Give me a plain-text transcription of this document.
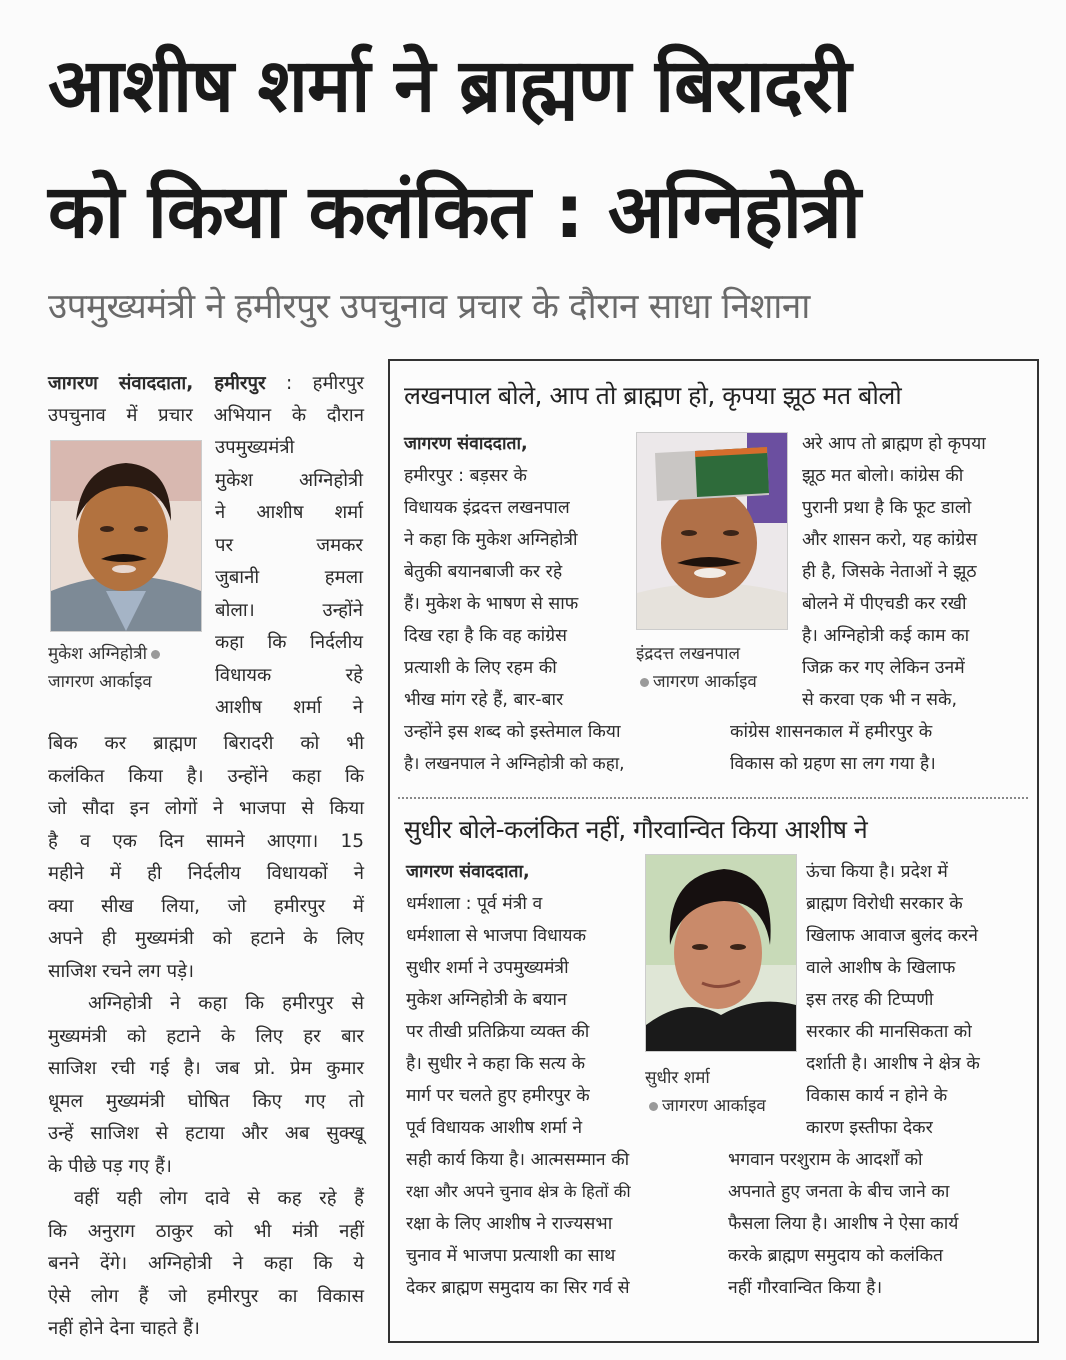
आशीष शर्मा ने ब्राह्मण बिरादरी
को किया कलंकित : अग्निहोत्री
उपमुख्यमंत्री ने हमीरपुर उपचुनाव प्रचार के दौरान साधा निशाना

जागरण संवाददाता, हमीरपुर : हमीरपुर

उपचुनाव में प्रचार अभियान के दौरान
मुकेश अग्निहोत्री
जागरण आर्काइव

उपमुख्यमंत्री

मुकेश अग्निहोत्री

ने आशीष शर्मा

पर जमकर

जुबानी हमला

बोला। उन्होंने

कहा कि निर्दलीय

विधायक रहे

आशीष शर्मा ने

बिक कर ब्राह्मण बिरादरी को भी

कलंकित किया है। उन्होंने कहा कि

जो सौदा इन लोगों ने भाजपा से किया

है व एक दिन सामने आएगा। 15

महीने में ही निर्दलीय विधायकों ने

क्या सीख लिया, जो हमीरपुर में

अपने ही मुख्यमंत्री को हटाने के लिए

साजिश रचने लग पड़े।

अग्निहोत्री ने कहा कि हमीरपुर से

मुख्यमंत्री को हटाने के लिए हर बार

साजिश रची गई है। जब प्रो. प्रेम कुमार

धूमल मुख्यमंत्री घोषित किए गए तो

उन्हें साजिश से हटाया और अब सुक्खू

के पीछे पड़ गए हैं।

वहीं यही लोग दावे से कह रहे हैं

कि अनुराग ठाकुर को भी मंत्री नहीं

बनने देंगे। अग्निहोत्री ने कहा कि ये

ऐसे लोग हैं जो हमीरपुर का विकास

नहीं होने देना चाहते हैं।

लखनपाल बोले, आप तो ब्राह्मण हो, कृपया झूठ मत बोलो
जागरण संवाददाता,
हमीरपुर : बड़सर के
विधायक इंद्रदत्त लखनपाल
ने कहा कि मुकेश अग्निहोत्री
बेतुकी बयानबाजी कर रहे
हैं। मुकेश के भाषण से साफ
दिख रहा है कि वह कांग्रेस
प्रत्याशी के लिए रहम की
भीख मांग रहे हैं, बार-बार
उन्होंने इस शब्द को इस्तेमाल किया
है। लखनपाल ने अग्निहोत्री को कहा,
इंद्रदत्त लखनपाल
जागरण आर्काइव
अरे आप तो ब्राह्मण हो कृपया
झूठ मत बोलो। कांग्रेस की
पुरानी प्रथा है कि फूट डालो
और शासन करो, यह कांग्रेस
ही है, जिसके नेताओं ने झूठ
बोलने में पीएचडी कर रखी
है। अग्निहोत्री कई काम का
जिक्र कर गए लेकिन उनमें
से करवा एक भी न सके,
कांग्रेस शासनकाल में हमीरपुर के
विकास को ग्रहण सा लग गया है।
सुधीर बोले-कलंकित नहीं, गौरवान्वित किया आशीष ने
जागरण संवाददाता,
धर्मशाला : पूर्व मंत्री व
धर्मशाला से भाजपा विधायक
सुधीर शर्मा ने उपमुख्यमंत्री
मुकेश अग्निहोत्री के बयान
पर तीखी प्रतिक्रिया व्यक्त की
है। सुधीर ने कहा कि सत्य के
मार्ग पर चलते हुए हमीरपुर के
पूर्व विधायक आशीष शर्मा ने
सही कार्य किया है। आत्मसम्मान की
रक्षा और अपने चुनाव क्षेत्र के हितों की
रक्षा के लिए आशीष ने राज्यसभा
चुनाव में भाजपा प्रत्याशी का साथ
देकर ब्राह्मण समुदाय का सिर गर्व से
सुधीर शर्मा
जागरण आर्काइव
ऊंचा किया है। प्रदेश में
ब्राह्मण विरोधी सरकार के
खिलाफ आवाज बुलंद करने
वाले आशीष के खिलाफ
इस तरह की टिप्पणी
सरकार की मानसिकता को
दर्शाती है। आशीष ने क्षेत्र के
विकास कार्य न होने के
कारण इस्तीफा देकर
भगवान परशुराम के आदर्शों को
अपनाते हुए जनता के बीच जाने का
फैसला लिया है। आशीष ने ऐसा कार्य
करके ब्राह्मण समुदाय को कलंकित
नहीं गौरवान्वित किया है।
